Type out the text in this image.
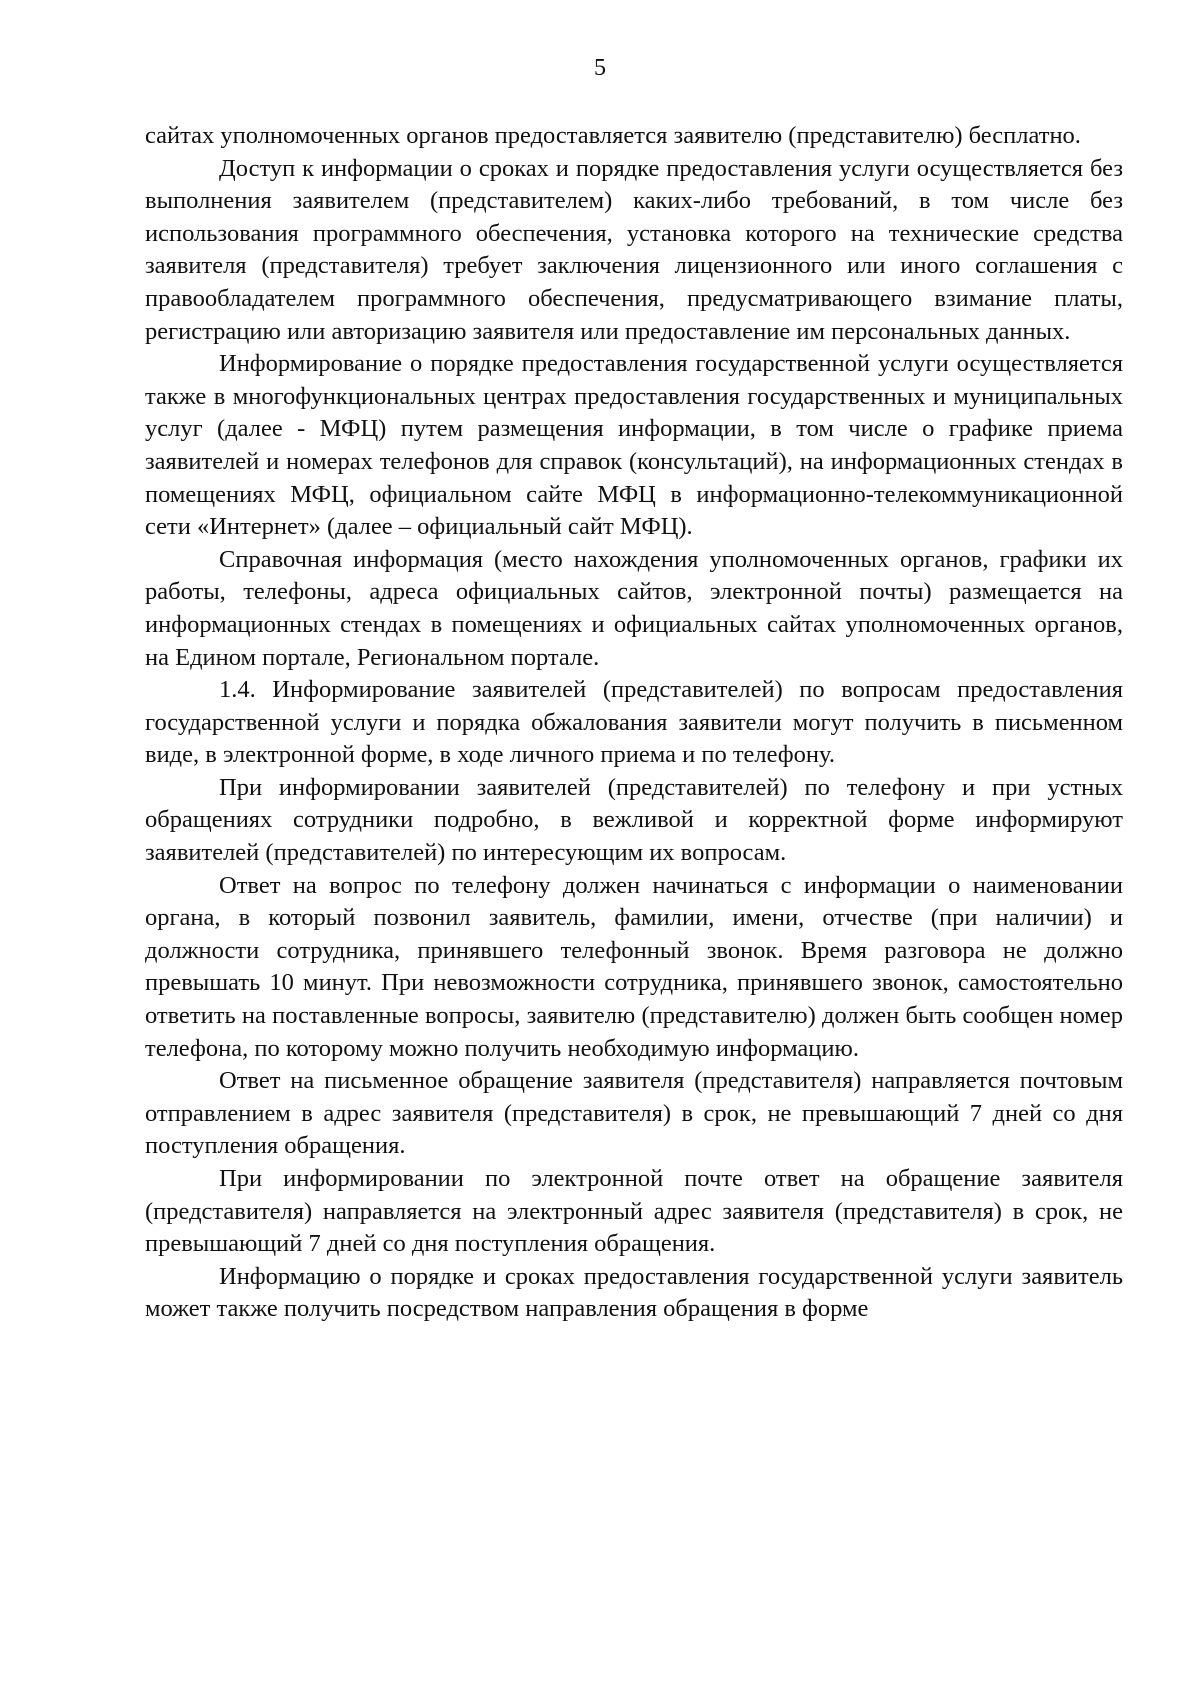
5

сайтах уполномоченных органов предоставляется заявителю (представителю) бесплатно.

Доступ к информации о сроках и порядке предоставления услуги осуществляется без выполнения заявителем (представителем) каких-либо требований, в том числе без использования программного обеспечения, установка которого на технические средства заявителя (представителя) требует заключения лицензионного или иного соглашения с правообладателем программного обеспечения, предусматривающего взимание платы, регистрацию или авторизацию заявителя или предоставление им персональных данных.

Информирование о порядке предоставления государственной услуги осуществляется также в многофункциональных центрах предоставления государственных и муниципальных услуг (далее - МФЦ) путем размещения информации, в том числе о графике приема заявителей и номерах телефонов для справок (консультаций), на информационных стендах в помещениях МФЦ, официальном сайте МФЦ в информационно-телекоммуникационной сети «Интернет» (далее – официальный сайт МФЦ).

Справочная информация (место нахождения уполномоченных органов, графики их работы, телефоны, адреса официальных сайтов, электронной почты) размещается на информационных стендах в помещениях и официальных сайтах уполномоченных органов, на Едином портале, Региональном портале.

1.4. Информирование заявителей (представителей) по вопросам предоставления государственной услуги и порядка обжалования заявители могут получить в письменном виде, в электронной форме, в ходе личного приема и по телефону.

При информировании заявителей (представителей) по телефону и при устных обращениях сотрудники подробно, в вежливой и корректной форме информируют заявителей (представителей) по интересующим их вопросам.

Ответ на вопрос по телефону должен начинаться с информации о наименовании органа, в который позвонил заявитель, фамилии, имени, отчестве (при наличии) и должности сотрудника, принявшего телефонный звонок. Время разговора не должно превышать 10 минут. При невозможности сотрудника, принявшего звонок, самостоятельно ответить на поставленные вопросы, заявителю (представителю) должен быть сообщен номер телефона, по которому можно получить необходимую информацию.

Ответ на письменное обращение заявителя (представителя) направляется почтовым отправлением в адрес заявителя (представителя) в срок, не превышающий 7 дней со дня поступления обращения.

При информировании по электронной почте ответ на обращение заявителя (представителя) направляется на электронный адрес заявителя (представителя) в срок, не превышающий 7 дней со дня поступления обращения.

Информацию о порядке и сроках предоставления государственной услуги заявитель может также получить посредством направления обращения в форме
